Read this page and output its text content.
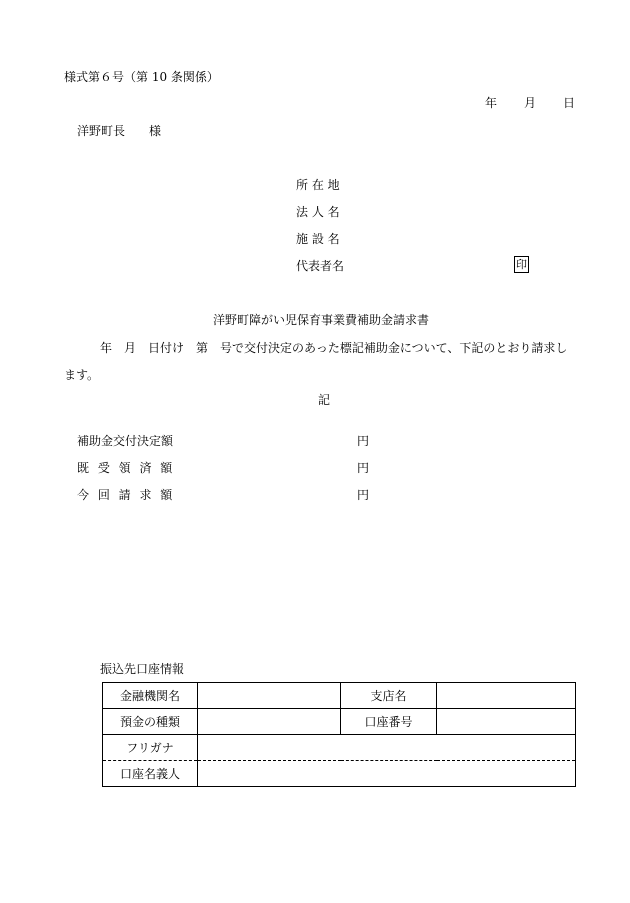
様式第６号（第 10 条関係）
年　　月　　日
洋野町長　　様
所 在 地
法 人 名
施 設 名
代表者名	印
洋野町障がい児保育事業費補助金請求書
年　月　日付け　第　号で交付決定のあった標記補助金について、下記のとおり請求し
ます。
記
補助金交付決定額	円
既 受 領 済 額	円
今 回 請 求 額	円
振込先口座情報
金融機関名		支店名	
預金の種類		口座番号	
フリガナ			
口座名義人			
